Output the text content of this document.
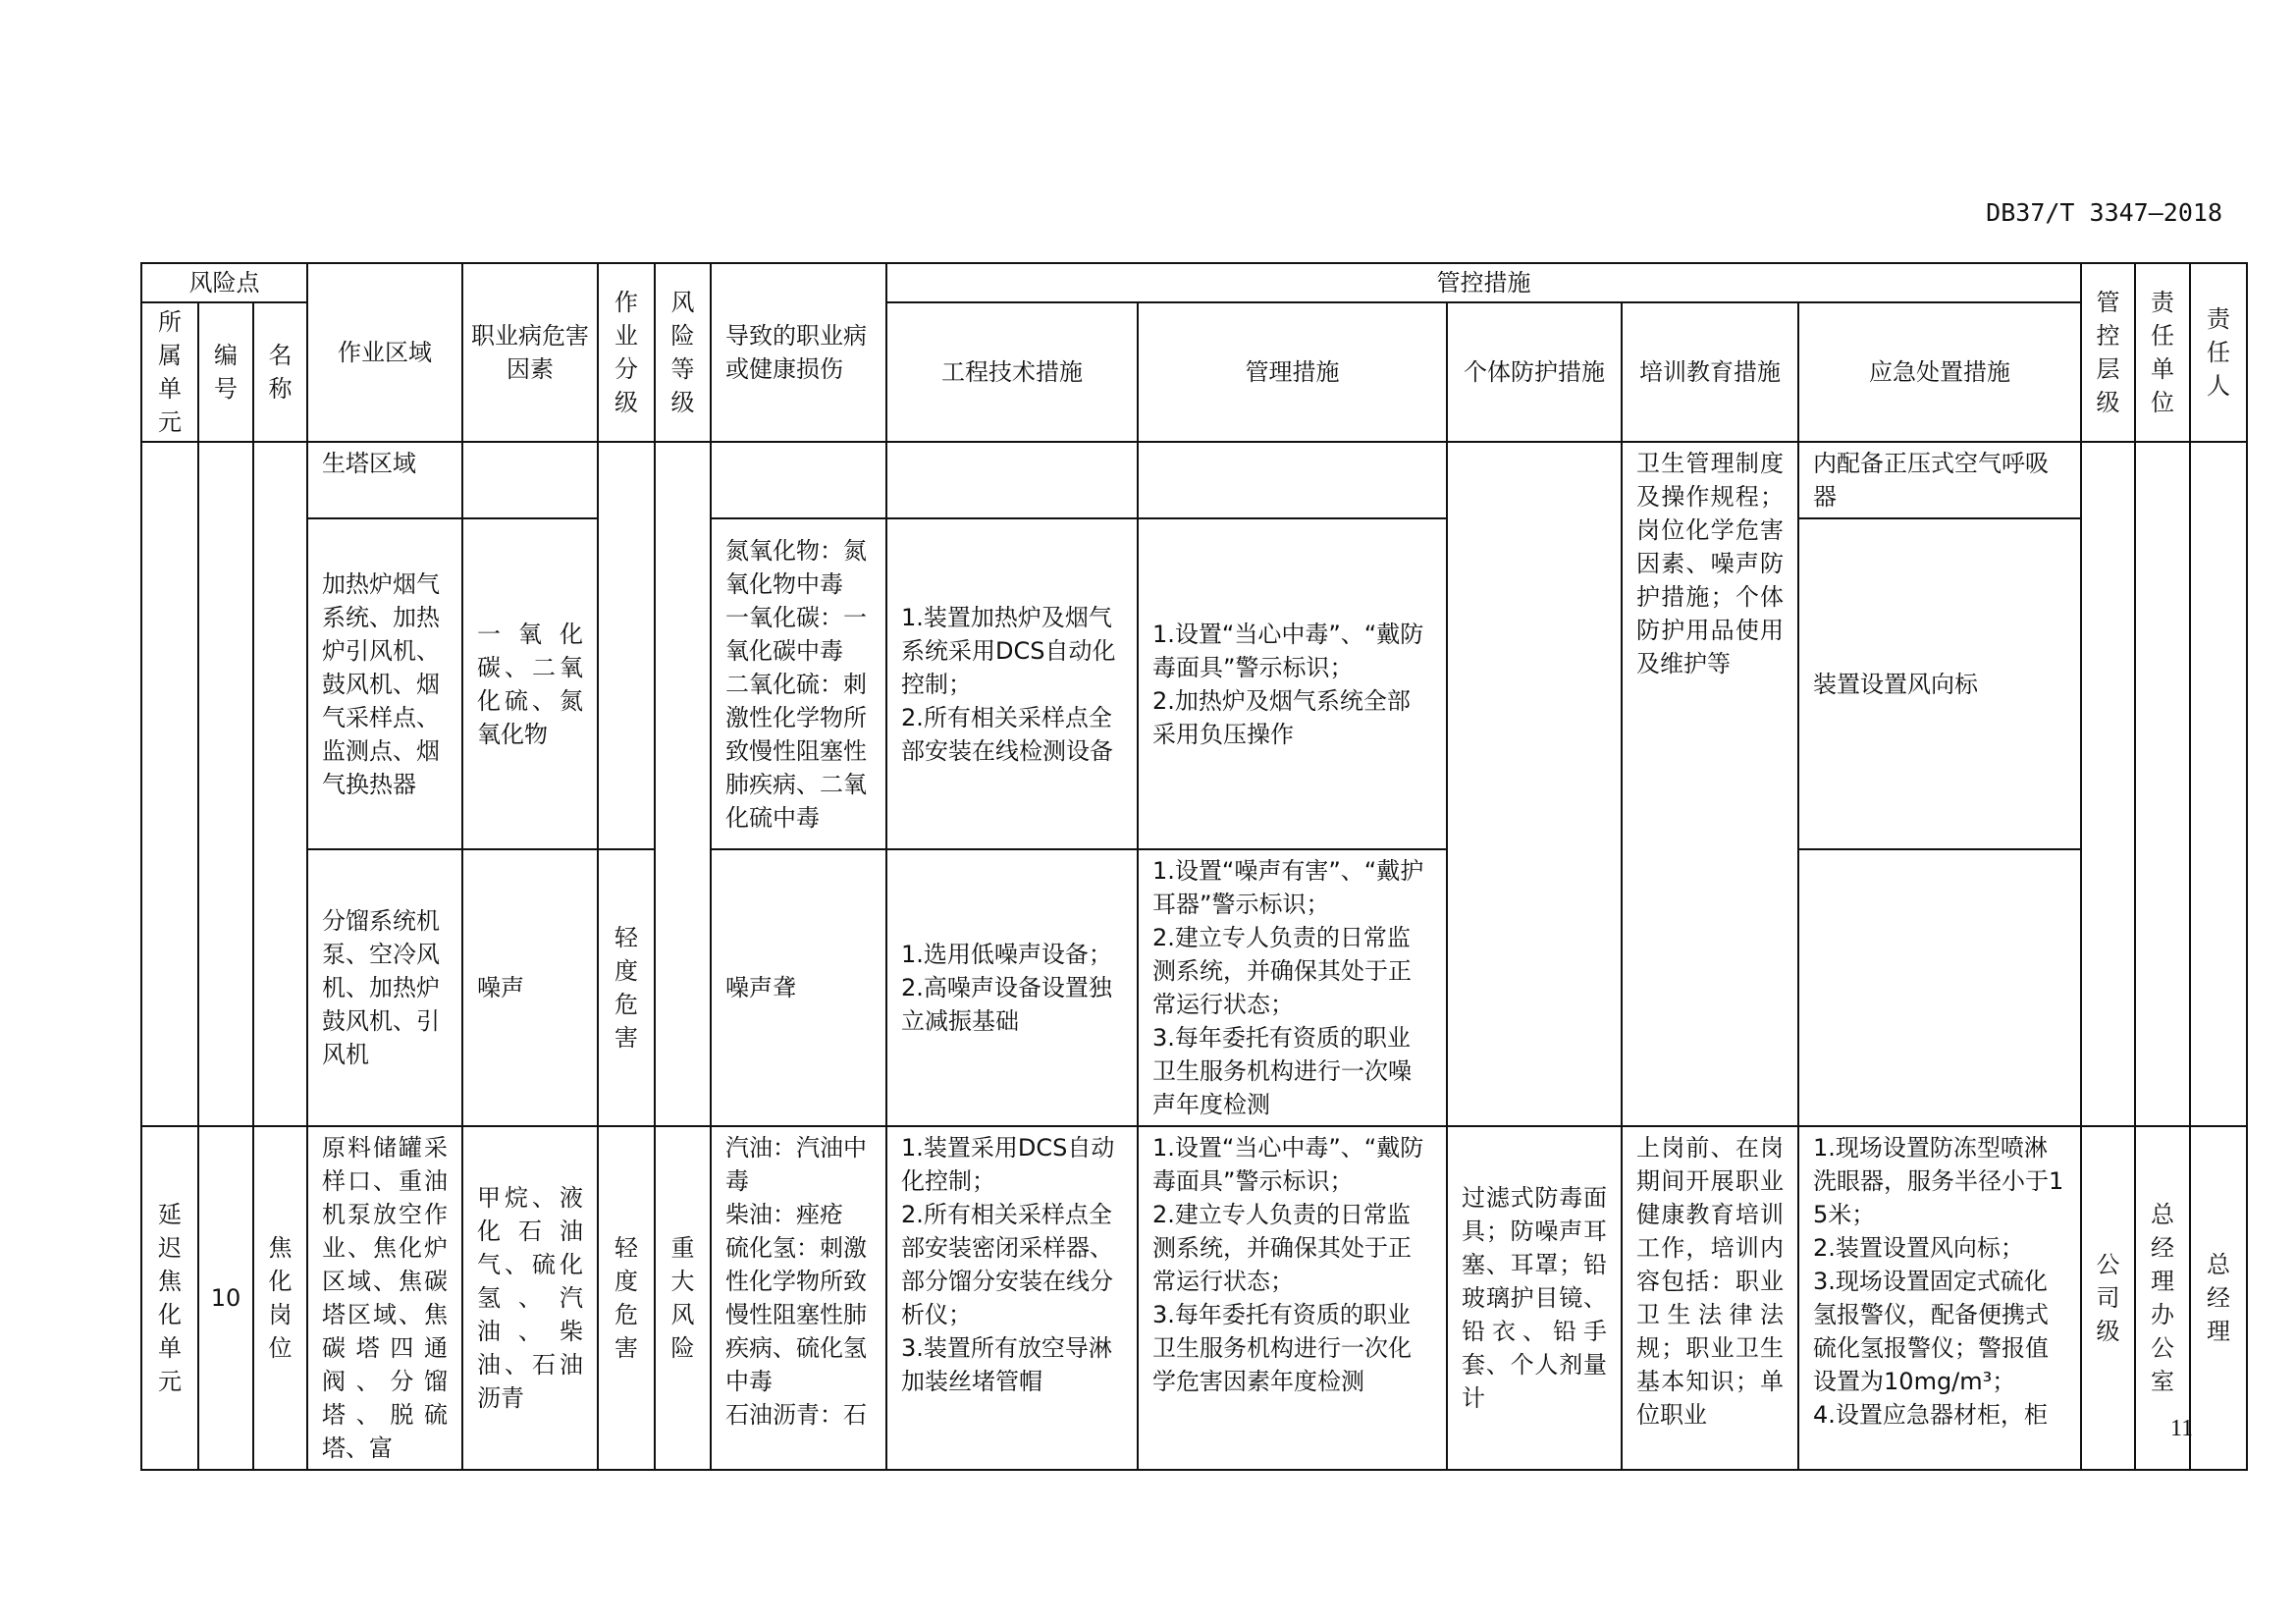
DB37/T 3347—2018
风险点			作业区域	职业病危害因素	作业分级	风险等级	导致的职业病或健康损伤	管控措施					管控层级	责任单位	责任人
所属单元	编号	名称						工程技术措施	管理措施	个体防护措施	培训教育措施	应急处置措施			
			生塔区域								卫生管理制度及操作规程；岗位化学危害因素、噪声防护措施；个体防护用品使用及维护等	内配备正压式空气呼吸器			
			加热炉烟气系统、加热炉引风机、鼓风机、烟气采样点、监测点、烟气换热器	一氧化碳、二氧化硫、氮氧化物			氮氧化物：氮氧化物中毒
一氧化碳：一氧化碳中毒
二氧化硫：刺激性化学物所致慢性阻塞性肺疾病、二氧化硫中毒	1.装置加热炉及烟气系统采用DCS自动化控制；
2.所有相关采样点全部安装在线检测设备	1.设置“当心中毒”、“戴防毒面具”警示标识；
2.加热炉及烟气系统全部采用负压操作			装置设置风向标			
			分馏系统机泵、空冷风机、加热炉鼓风机、引风机	噪声	轻度危害		噪声聋	1.选用低噪声设备；
2.高噪声设备设置独立减振基础	1.设置“噪声有害”、“戴护耳器”警示标识；
2.建立专人负责的日常监测系统，并确保其处于正常运行状态；
3.每年委托有资质的职业卫生服务机构进行一次噪声年度检测						
延迟焦化单元	10	焦化岗位	原料储罐采样口、重油机泵放空作业、焦化炉区域、焦碳塔区域、焦碳塔四通阀、分馏塔、脱硫塔、富	甲烷、液化石油气、硫化氢、汽油、柴油、石油沥青	轻度危害	重大风险	汽油：汽油中毒
柴油：痤疮
硫化氢：刺激性化学物所致慢性阻塞性肺疾病、硫化氢中毒
石油沥青：石	1.装置采用DCS自动化控制；
2.所有相关采样点全部安装密闭采样器、部分馏分安装在线分析仪；
3.装置所有放空导淋加装丝堵管帽	1.设置“当心中毒”、“戴防毒面具”警示标识；
2.建立专人负责的日常监测系统，并确保其处于正常运行状态；
3.每年委托有资质的职业卫生服务机构进行一次化学危害因素年度检测	过滤式防毒面具；防噪声耳塞、耳罩；铅玻璃护目镜、铅衣、铅手套、个人剂量计	上岗前、在岗期间开展职业健康教育培训工作，培训内容包括：职业卫生法律法规；职业卫生基本知识；单位职业	1.现场设置防冻型喷淋洗眼器，服务半径小于15米；
2.装置设置风向标；
3.现场设置固定式硫化氢报警仪，配备便携式硫化氢报警仪；警报值设置为10mg/m³；
4.设置应急器材柜，柜	公司级	总经理办公室	总经理
11
